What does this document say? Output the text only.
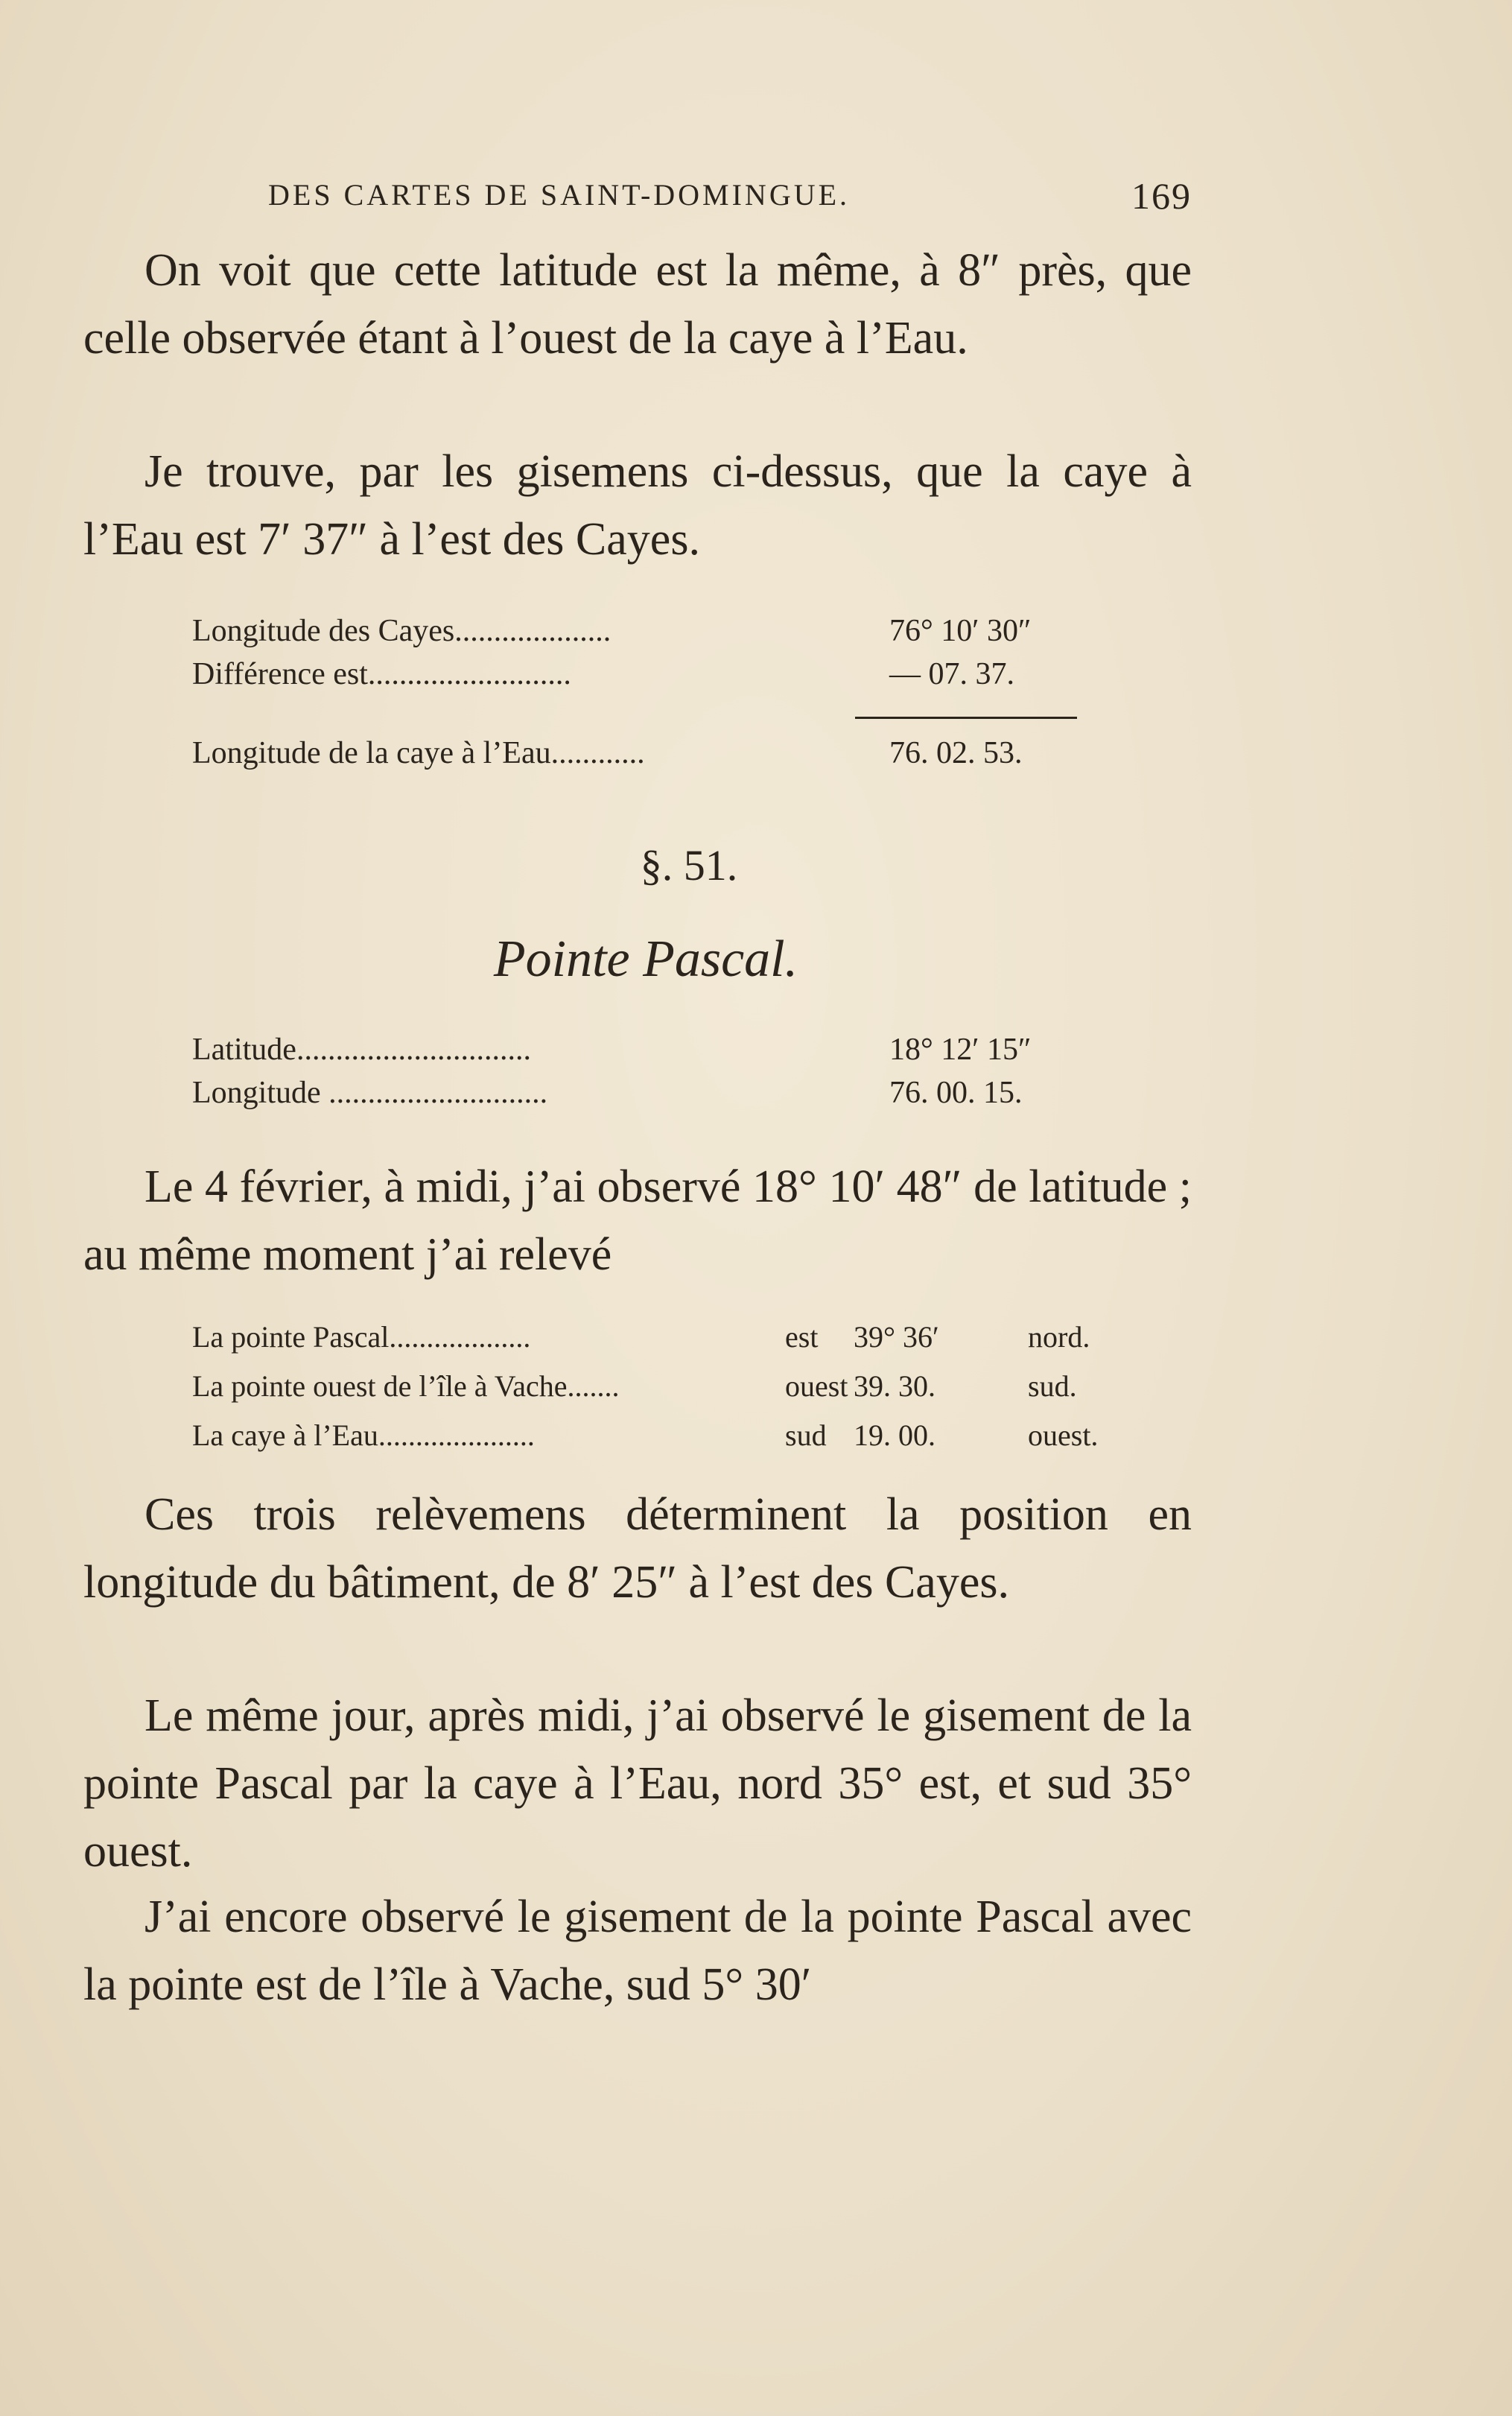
DES CARTES DE SAINT-DOMINGUE.	169

On voit que cette latitude est la même, à 8″ près, que celle observée étant à l’ouest de la caye à l’Eau.

Je trouve, par les gisemens ci-dessus, que la caye à l’Eau est 7′ 37″ à l’est des Cayes.

Longitude des Cayes....................	76° 10′ 30″
Différence est..........................	— 07. 37.
Longitude de la caye à l’Eau............	76. 02. 53.
§. 51.
Pointe Pascal.
Latitude..............................	18° 12′ 15″
Longitude ............................	76. 00. 15.

Le 4 février, à midi, j’ai observé 18° 10′ 48″ de latitude ; au même moment j’ai relevé

La pointe Pascal...................	est 39° 36′	nord.
La pointe ouest de l’île à Vache.......	ouest 39. 30.	sud.
La caye à l’Eau.....................	sud 19. 00.	ouest.

Ces trois relèvemens déterminent la position en longitude du bâtiment, de 8′ 25″ à l’est des Cayes.

Le même jour, après midi, j’ai observé le gisement de la pointe Pascal par la caye à l’Eau, nord 35° est, et sud 35° ouest.

J’ai encore observé le gisement de la pointe Pascal avec la pointe est de l’île à Vache, sud 5° 30′
